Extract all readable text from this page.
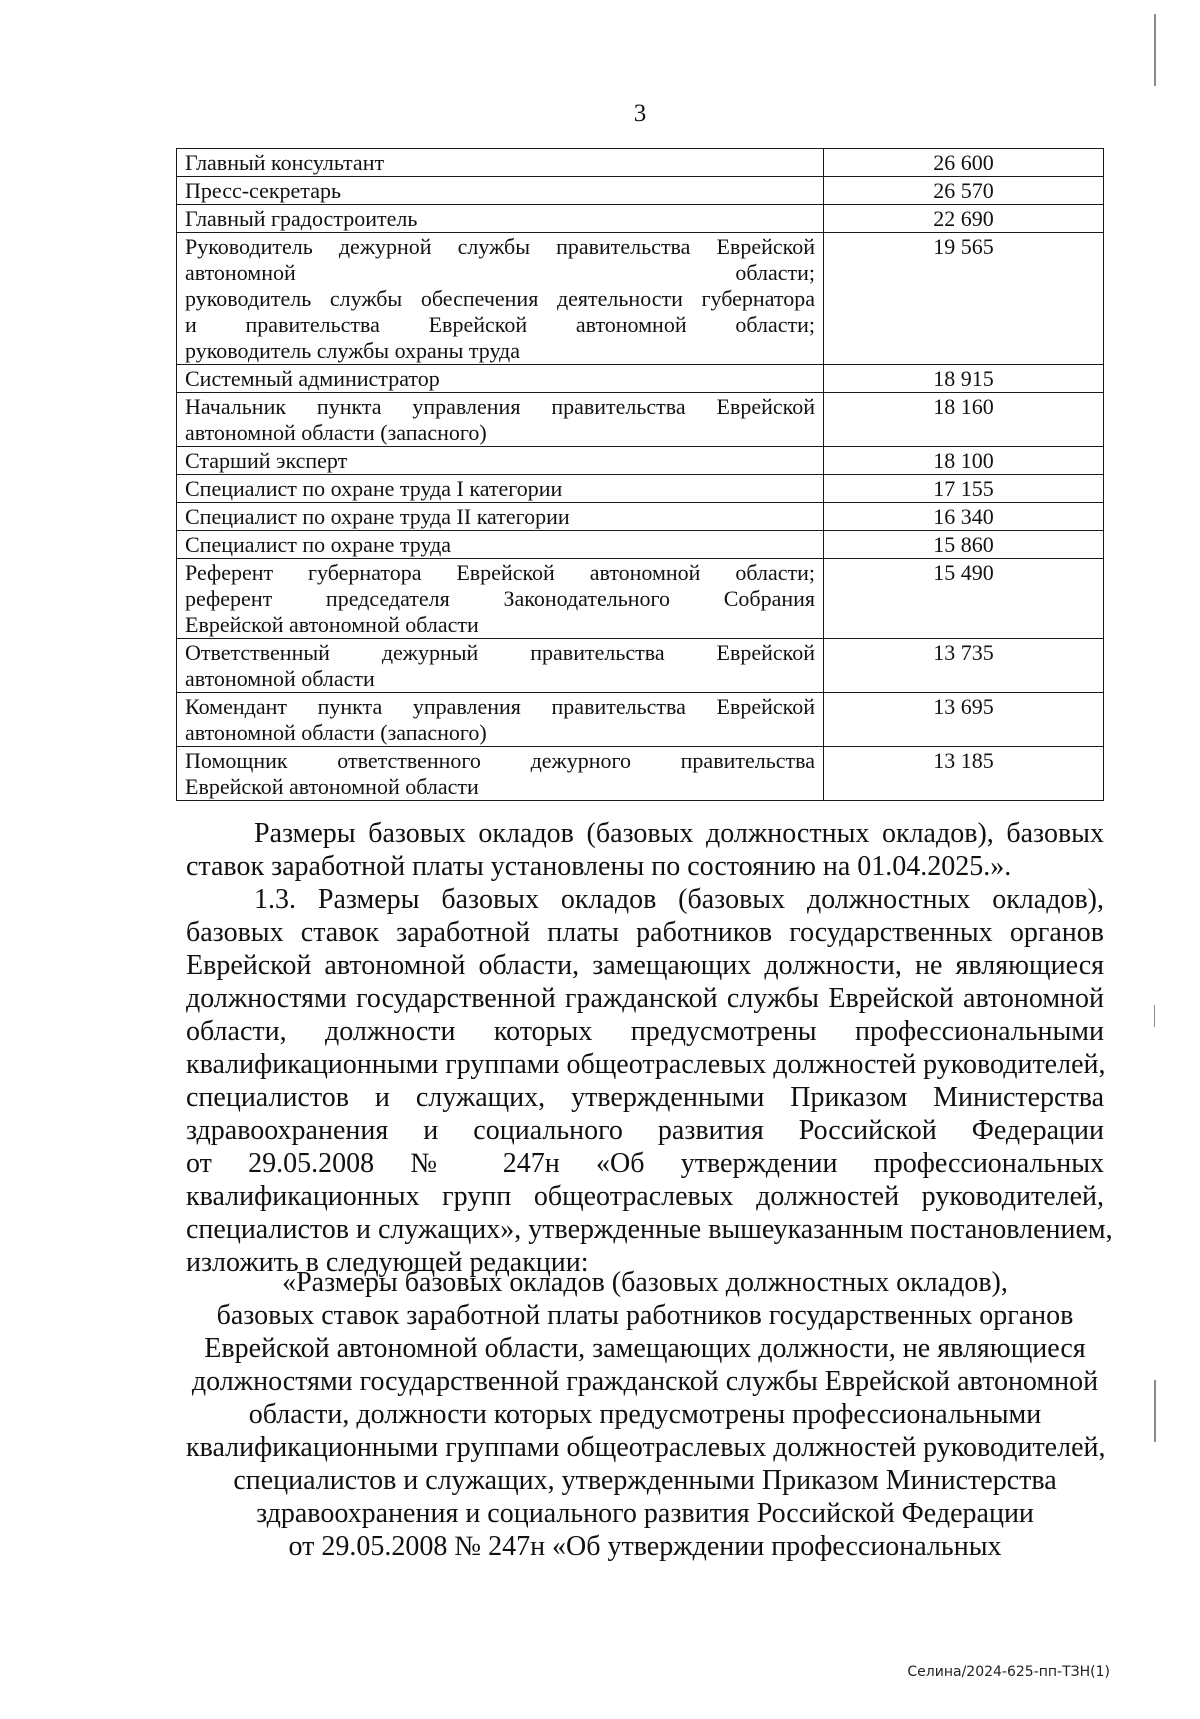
3
Главный консультант	26 600

Пресс-секретарь	26 570

Главный градостроитель	22 690

Руководитель дежурной службы правительства Еврейской
автономной области;
руководитель службы обеспечения деятельности губернатора
и правительства Еврейской автономной области;
руководитель службы охраны труда	19 565

Системный администратор	18 915

Начальник пункта управления правительства Еврейской
автономной области (запасного)	18 160

Старший эксперт	18 100

Специалист по охране труда I категории	17 155

Специалист по охране труда II категории	16 340

Специалист по охране труда	15 860

Референт губернатора Еврейской автономной области;
референт председателя Законодательного Собрания
Еврейской автономной области	15 490

Ответственный дежурный правительства Еврейской
автономной области	13 735

Комендант пункта управления правительства Еврейской
автономной области (запасного)	13 695

Помощник ответственного дежурного правительства
Еврейской автономной области	13 185
Размеры базовых окладов (базовых должностных окладов), базовых
ставок заработной платы установлены по состоянию на 01.04.2025.».
1.3. Размеры базовых окладов (базовых должностных окладов),
базовых ставок заработной платы работников государственных органов
Еврейской автономной области, замещающих должности, не являющиеся
должностями государственной гражданской службы Еврейской автономной
области, должности которых предусмотрены профессиональными
квалификационными группами общеотраслевых должностей руководителей,
специалистов и служащих, утвержденными Приказом Министерства
здравоохранения и социального развития Российской Федерации
от 29.05.2008 № 247н «Об утверждении профессиональных
квалификационных групп общеотраслевых должностей руководителей,
специалистов и служащих», утвержденные вышеуказанным постановлением,
изложить в следующей редакции:
«Размеры базовых окладов (базовых должностных окладов),
базовых ставок заработной платы работников государственных органов
Еврейской автономной области, замещающих должности, не являющиеся
должностями государственной гражданской службы Еврейской автономной
области, должности которых предусмотрены профессиональными
квалификационными группами общеотраслевых должностей руководителей,
специалистов и служащих, утвержденными Приказом Министерства
здравоохранения и социального развития Российской Федерации
от 29.05.2008 № 247н «Об утверждении профессиональных
Селина/2024-625-пп-ТЗН(1)
